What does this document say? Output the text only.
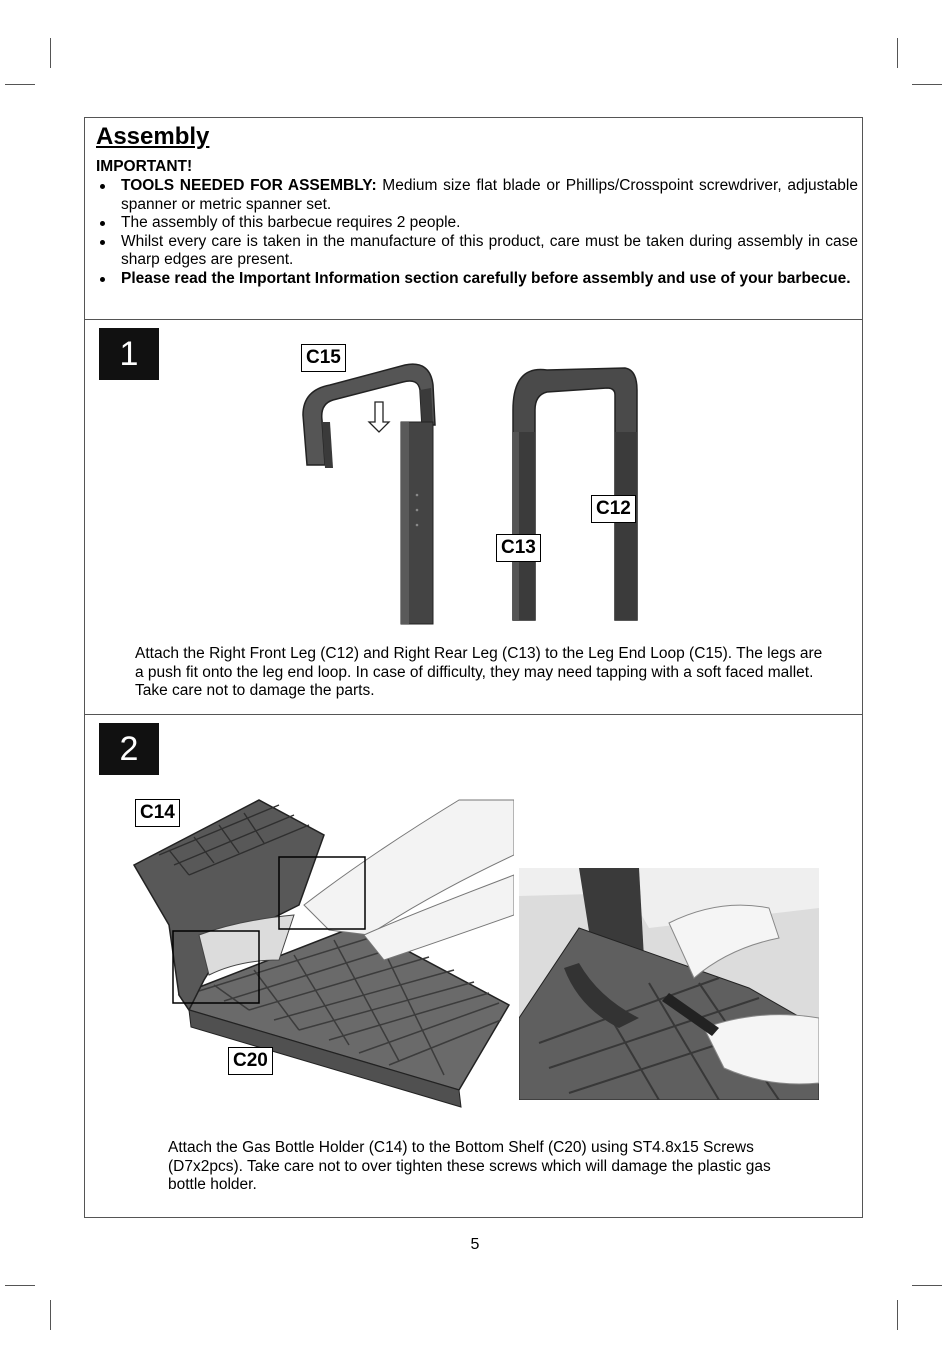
Assembly
IMPORTANT!
TOOLS NEEDED FOR ASSEMBLY: Medium size flat blade or Phillips/Crosspoint screwdriver, adjustable spanner or metric spanner set.
The assembly of this barbecue requires 2 people.
Whilst every care is taken in the manufacture of this product, care must be taken during assembly in case sharp edges are present.
Please read the Important Information section carefully before assembly and use of your barbecue.
1	C15
C12
C13
Attach the Right Front Leg (C12) and Right Rear Leg (C13) to the Leg End Loop (C15). The legs are a push fit onto the leg end loop. In case of difficulty, they may need tapping with a soft faced mallet. Take care not to damage the parts.
2
C14
C20
Attach the Gas Bottle Holder (C14) to the Bottom Shelf (C20) using ST4.8x15 Screws (D7x2pcs). Take care not to over tighten these screws which will damage the plastic gas bottle holder.
5
